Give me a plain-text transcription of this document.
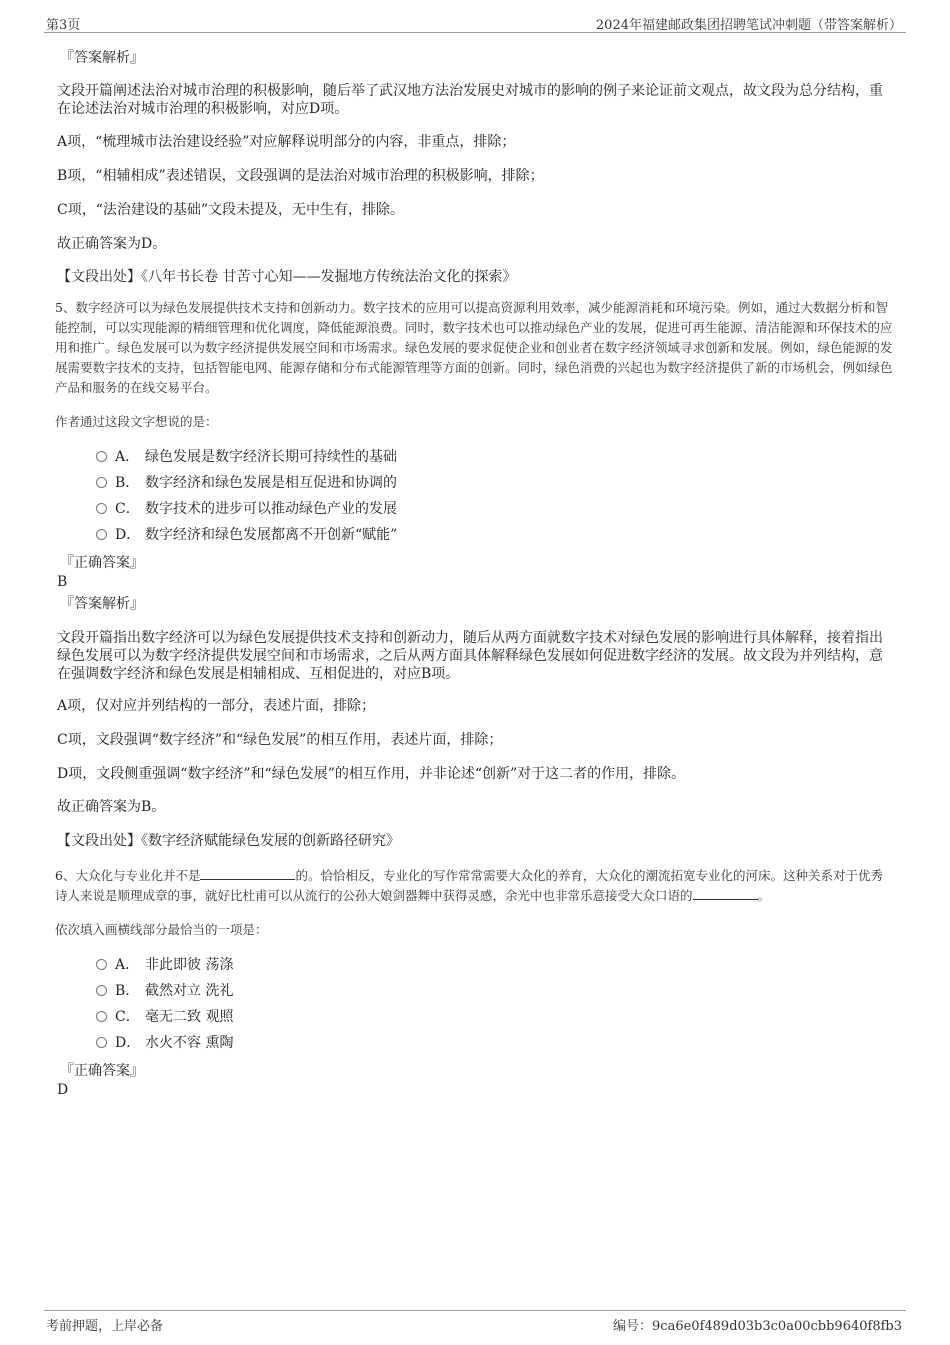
第3页	2024年福建邮政集团招聘笔试冲刺题（带答案解析）
『答案解析』
文段开篇阐述法治对城市治理的积极影响，随后举了武汉地方法治发展史对城市的影响的例子来论证前文观点，故文段为总分结构，重在论述法治对城市治理的积极影响，对应D项。
A项，“梳理城市法治建设经验”对应解释说明部分的内容，非重点，排除；
B项，“相辅相成”表述错误，文段强调的是法治对城市治理的积极影响，排除；
C项，“法治建设的基础”文段未提及，无中生有，排除。
故正确答案为D。
【文段出处】《八年书长卷 甘苦寸心知——发掘地方传统法治文化的探索》
5、数字经济可以为绿色发展提供技术支持和创新动力。数字技术的应用可以提高资源利用效率，减少能源消耗和环境污染。例如，通过大数据分析和智能控制，可以实现能源的精细管理和优化调度，降低能源浪费。同时，数字技术也可以推动绿色产业的发展，促进可再生能源、清洁能源和环保技术的应用和推广。绿色发展可以为数字经济提供发展空间和市场需求。绿色发展的要求促使企业和创业者在数字经济领域寻求创新和发展。例如，绿色能源的发展需要数字技术的支持，包括智能电网、能源存储和分布式能源管理等方面的创新。同时，绿色消费的兴起也为数字经济提供了新的市场机会，例如绿色产品和服务的在线交易平台。
作者通过这段文字想说的是：
A． 绿色发展是数字经济长期可持续性的基础
B． 数字经济和绿色发展是相互促进和协调的
C． 数字技术的进步可以推动绿色产业的发展
D． 数字经济和绿色发展都离不开创新“赋能”
『正确答案』
B
『答案解析』
文段开篇指出数字经济可以为绿色发展提供技术支持和创新动力，随后从两方面就数字技术对绿色发展的影响进行具体解释，接着指出绿色发展可以为数字经济提供发展空间和市场需求，之后从两方面具体解释绿色发展如何促进数字经济的发展。故文段为并列结构，意在强调数字经济和绿色发展是相辅相成、互相促进的，对应B项。
A项，仅对应并列结构的一部分，表述片面，排除；
C项，文段强调“数字经济”和“绿色发展”的相互作用，表述片面，排除；
D项，文段侧重强调“数字经济”和“绿色发展”的相互作用，并非论述“创新”对于这二者的作用，排除。
故正确答案为B。
【文段出处】《数字经济赋能绿色发展的创新路径研究》
6、大众化与专业化并不是	的。恰恰相反，专业化的写作常常需要大众化的养育，大众化的潮流拓宽专业化的河床。这种关系对于优秀诗人来说是顺理成章的事，就好比杜甫可以从流行的公孙大娘剑器舞中获得灵感，余光中也非常乐意接受大众口语的	。
依次填入画横线部分最恰当的一项是：
A． 非此即彼 荡涤
B． 截然对立 洗礼
C． 毫无二致 观照
D． 水火不容 熏陶
『正确答案』
D
考前押题，上岸必备	编号：9ca6e0f489d03b3c0a00cbb9640f8fb3
